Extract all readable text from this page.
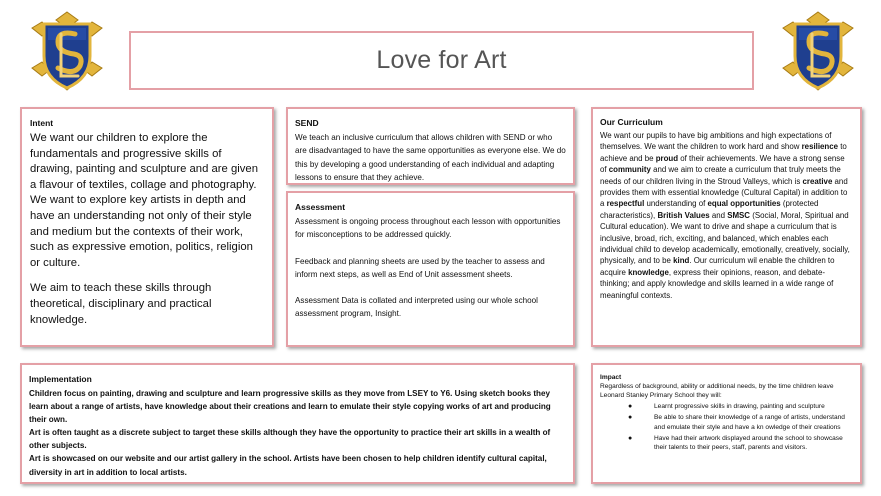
Love for Art
Intent

We want our children to explore the fundamentals and progressive skills of drawing, painting and sculpture and are given a flavour of textiles, collage and photography. We want to explore key artists in depth and have an understanding not only of their style and medium but the contexts of their work, such as expressive emotion, politics, religion or culture.

We aim to teach these skills through theoretical, disciplinary and practical knowledge.

SEND

We teach an inclusive curriculum that allows children with SEND or who are disadvantaged to have the same opportunities as everyone else. We do this by developing a good understanding of each individual and adapting lessons to ensure that they achieve.

Assessment

Assessment is ongoing process throughout each lesson with opportunities for misconceptions to be addressed quickly.

Feedback and planning sheets are used by the teacher to assess and inform next steps, as well as End of Unit assessment sheets.

Assessment Data is collated and interpreted using our whole school assessment program, Insight.

Our Curriculum

We want our pupils to have big ambitions and high expectations of themselves. We want the children to work hard and show resilience to achieve and be proud of their achievements. We have a strong sense of community and we aim to create a curriculum that truly meets the needs of our children living in the Stroud Valleys, which is creative and provides them with essential knowledge (Cultural Capital) in addition to a respectful understanding of equal opportunities (protected characteristics), British Values and SMSC (Social, Moral, Spiritual and Cultural education). We want to drive and shape a curriculum that is inclusive, broad, rich, exciting, and balanced, which enables each individual child to develop academically, emotionally, creatively, socially, physically, and to be kind. Our curriculum wil enable the children to acquire knowledge, express their opinions, reason, and debate-thinking; and apply knowledge and skills learned in a wide range of meaningful contexts.

Implementation

Children focus on painting, drawing and sculpture and learn progressive skills as they move from LSEY to Y6. Using sketch books they learn about a range of artists, have knowledge about their creations and learn to emulate their style copying works of art and producing their own.

Art is often taught as a discrete subject to target these skills although they have the opportunity to practice their art skills in a wealth of other subjects.

Art is showcased on our website and our artist gallery in the school. Artists have been chosen to help children identify cultural capital, diversity in art in addition to local artists.

Impact

Regardless of background, ability or additional needs, by the time children leave Leonard Stanley Primary School they will:

●	Learnt progressive skills in drawing, painting and sculpture
●	Be able to share their knowledge of a range of artists, understand and emulate their style and have a kn owledge of their creations
●	Have had their artwork displayed around the school to showcase their talents to their peers, staff, parents and visitors.
